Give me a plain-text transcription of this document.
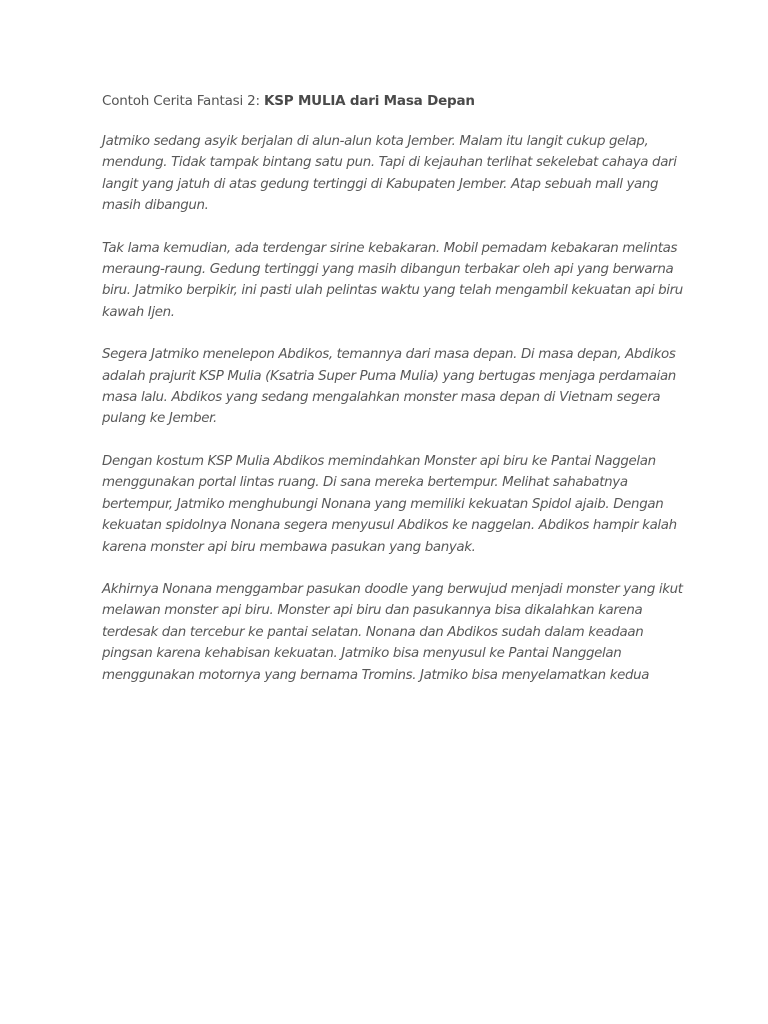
Contoh Cerita Fantasi 2: KSP MULIA dari Masa Depan

Jatmiko sedang asyik berjalan di alun-alun kota Jember. Malam itu langit cukup gelap,
mendung. Tidak tampak bintang satu pun. Tapi di kejauhan terlihat sekelebat cahaya dari
langit yang jatuh di atas gedung tertinggi di Kabupaten Jember. Atap sebuah mall yang
masih dibangun.

Tak lama kemudian, ada terdengar sirine kebakaran. Mobil pemadam kebakaran melintas
meraung-raung. Gedung tertinggi yang masih dibangun terbakar oleh api yang berwarna
biru. Jatmiko berpikir, ini pasti ulah pelintas waktu yang telah mengambil kekuatan api biru
kawah Ijen.

Segera Jatmiko menelepon Abdikos, temannya dari masa depan. Di masa depan, Abdikos
adalah prajurit KSP Mulia (Ksatria Super Puma Mulia) yang bertugas menjaga perdamaian
masa lalu. Abdikos yang sedang mengalahkan monster masa depan di Vietnam segera
pulang ke Jember.

Dengan kostum KSP Mulia Abdikos memindahkan Monster api biru ke Pantai Naggelan
menggunakan portal lintas ruang. Di sana mereka bertempur. Melihat sahabatnya
bertempur, Jatmiko menghubungi Nonana yang memiliki kekuatan Spidol ajaib. Dengan
kekuatan spidolnya Nonana segera menyusul Abdikos ke naggelan. Abdikos hampir kalah
karena monster api biru membawa pasukan yang banyak.

Akhirnya Nonana menggambar pasukan doodle yang berwujud menjadi monster yang ikut
melawan monster api biru. Monster api biru dan pasukannya bisa dikalahkan karena
terdesak dan tercebur ke pantai selatan. Nonana dan Abdikos sudah dalam keadaan
pingsan karena kehabisan kekuatan. Jatmiko bisa menyusul ke Pantai Nanggelan
menggunakan motornya yang bernama Tromins. Jatmiko bisa menyelamatkan kedua
